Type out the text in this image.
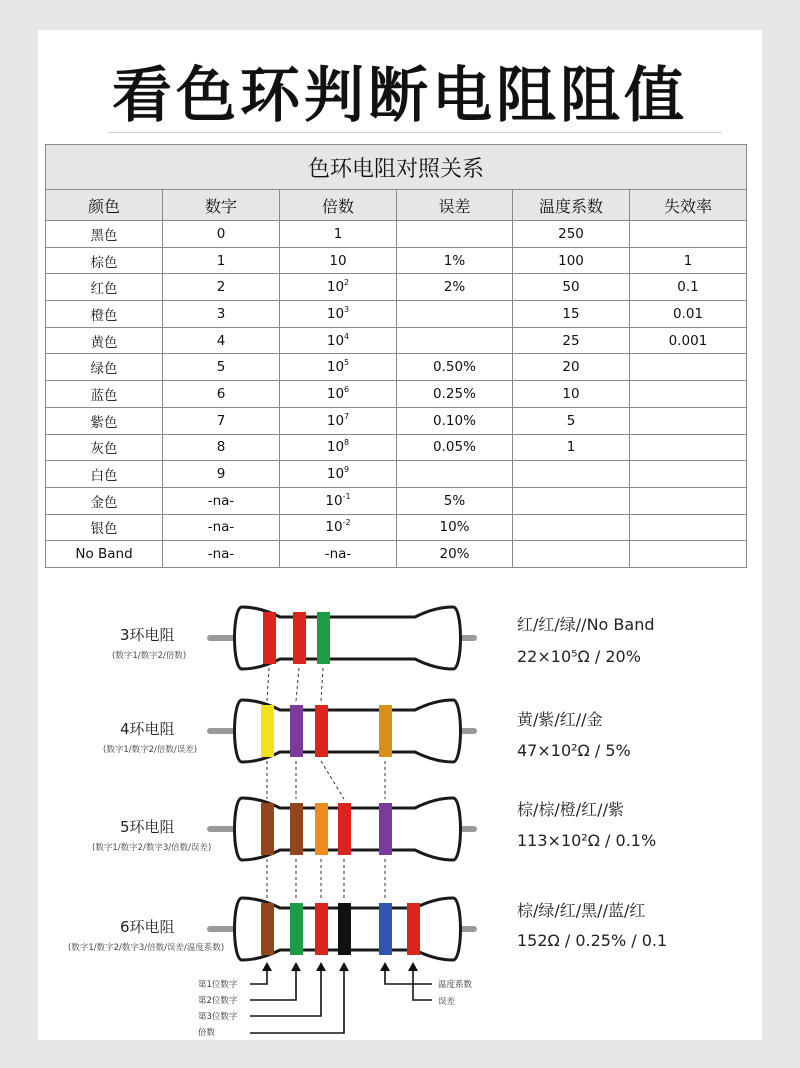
看色环判断电阻阻值
色环电阻对照关系					
颜色	数字	倍数	误差	温度系数	失效率
黑色	0	1		250	
棕色	1	10	1%	100	1
红色	2	$10^2$	2%	50	0.1
橙色	3	$10^3$		15	0.01
黄色	4	$10^4$		25	0.001
绿色	5	$10^5$	0.50%	20	
蓝色	6	$10^6$	0.25%	10	
紫色	7	$10^7$	0.10%	5	
灰色	8	$10^8$	0.05%	1	
白色	9	$10^9$			
金色	-na-	$10^{-1}$	5%		
银色	-na-	$10^{-2}$	10%		
No Band	-na-	-na-	20%		
3环电阻
(数字1/数字2/倍数)
4环电阻
(数字1/数字2/倍数/误差)
5环电阻
(数字1/数字2/数字3/倍数/误差)
6环电阻
(数字1/数字2/数字3/倍数/误差/温度系数)
红/红/绿//No Band
22×10⁵Ω / 20%
黄/紫/红//金
47×10²Ω / 5%
棕/棕/橙/红//紫
113×10²Ω / 0.1%
棕/绿/红/黑//蓝/红
152Ω / 0.25% / 0.1
第1位数字
第2位数字
第3位数字
倍数
温度系数
误差
